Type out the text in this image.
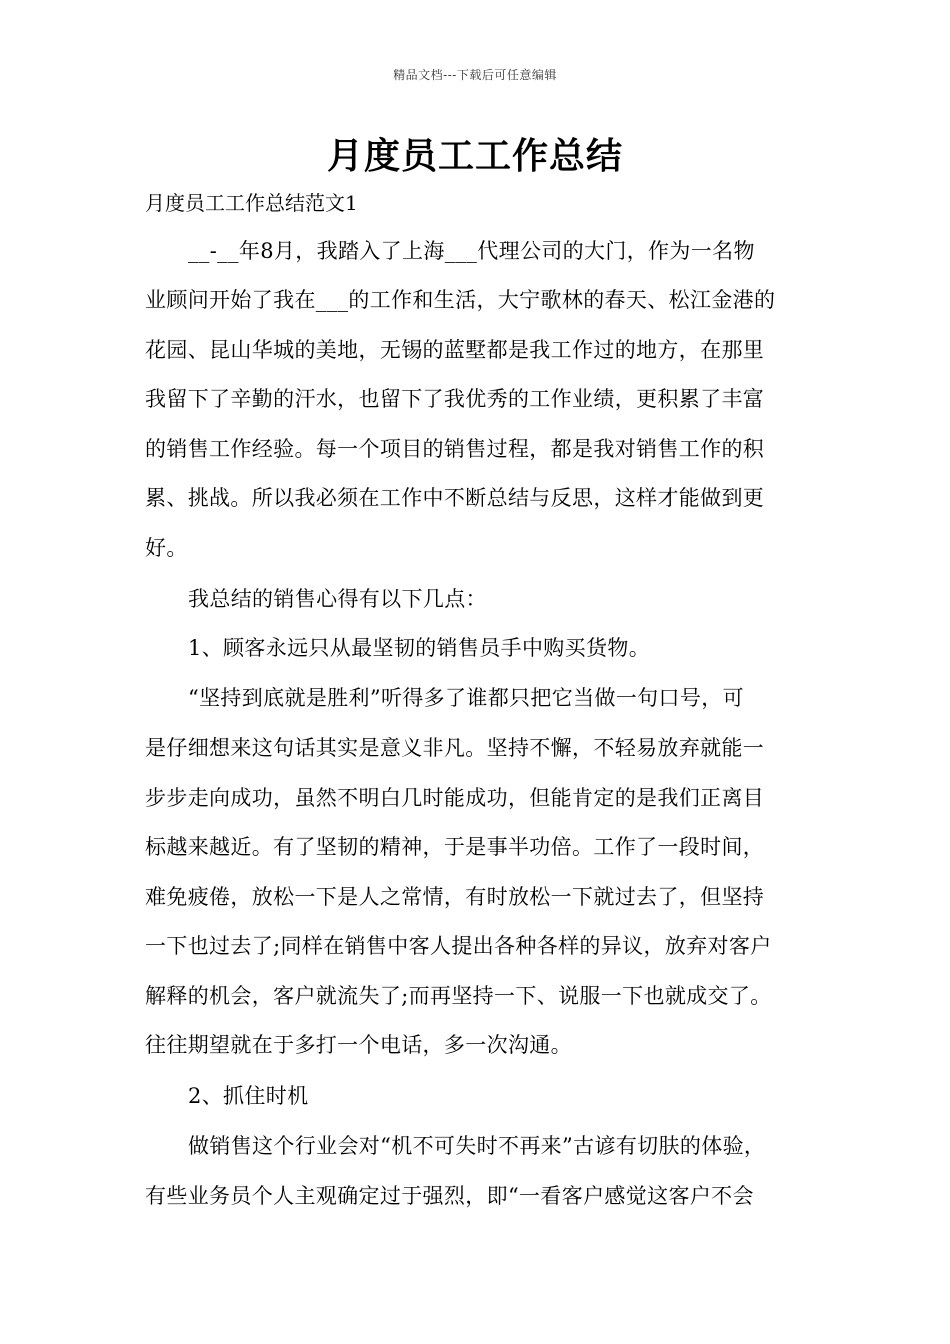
精品文档---下载后可任意编辑
月度员工工作总结
月度员工工作总结范文1
__-__年8月，我踏入了上海___代理公司的大门，作为一名物
业顾问开始了我在___的工作和生活，大宁歌林的春天、松江金港的
花园、昆山华城的美地，无锡的蓝墅都是我工作过的地方，在那里
我留下了辛勤的汗水，也留下了我优秀的工作业绩，更积累了丰富
的销售工作经验。每一个项目的销售过程，都是我对销售工作的积
累、挑战。所以我必须在工作中不断总结与反思，这样才能做到更
好。
我总结的销售心得有以下几点：
1、顾客永远只从最坚韧的销售员手中购买货物。
“坚持到底就是胜利”听得多了谁都只把它当做一句口号，可
是仔细想来这句话其实是意义非凡。坚持不懈，不轻易放弃就能一
步步走向成功，虽然不明白几时能成功，但能肯定的是我们正离目
标越来越近。有了坚韧的精神，于是事半功倍。工作了一段时间，
难免疲倦，放松一下是人之常情，有时放松一下就过去了，但坚持
一下也过去了;同样在销售中客人提出各种各样的异议，放弃对客户
解释的机会，客户就流失了;而再坚持一下、说服一下也就成交了。
往往期望就在于多打一个电话，多一次沟通。
2、抓住时机
做销售这个行业会对“机不可失时不再来”古谚有切肤的体验，
有些业务员个人主观确定过于强烈，即“一看客户感觉这客户不会
